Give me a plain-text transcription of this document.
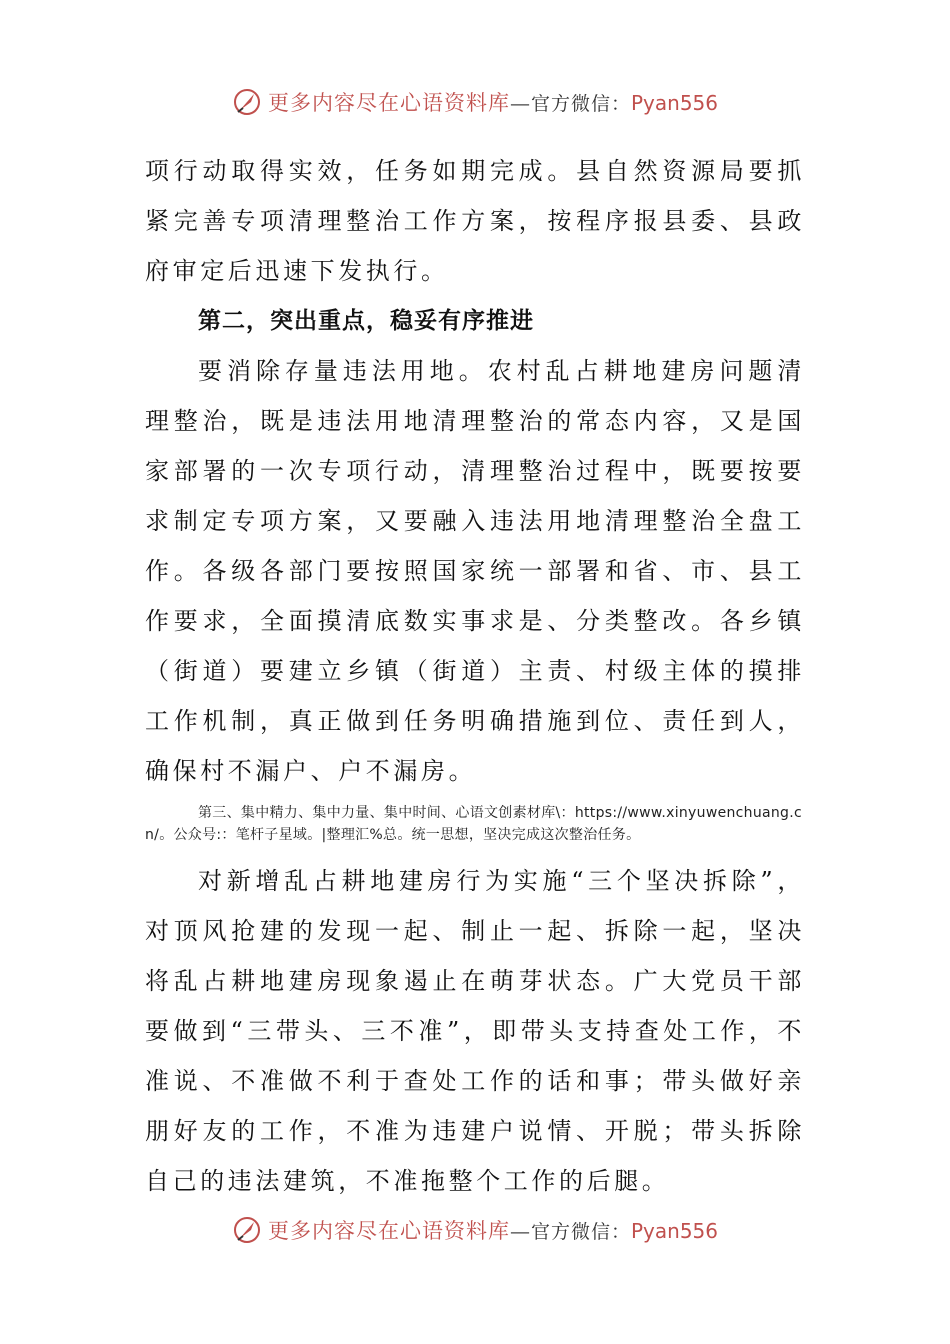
更多内容尽在心语资料库—官方微信：Pyan556

项行动取得实效，任务如期完成。县自然资源局要抓紧完善专项清理整治工作方案，按程序报县委、县政府审定后迅速下发执行。

第二，突出重点，稳妥有序推进

要消除存量违法用地。农村乱占耕地建房问题清理整治，既是违法用地清理整治的常态内容，又是国家部署的一次专项行动，清理整治过程中，既要按要求制定专项方案，又要融入违法用地清理整治全盘工作。各级各部门要按照国家统一部署和省、市、县工作要求，全面摸清底数实事求是、分类整改。各乡镇（街道）要建立乡镇（街道）主责、村级主体的摸排工作机制，真正做到任务明确措施到位、责任到人，确保村不漏户、户不漏房。

第三、集中精力、集中力量、集中时间、心语文创素材库\：https://www.xinyuwenchuang.cn/。公众号:：笔杆子星域。|整理汇%总。统一思想，坚决完成这次整治任务。

对新增乱占耕地建房行为实施“三个坚决拆除”，对顶风抢建的发现一起、制止一起、拆除一起，坚决将乱占耕地建房现象遏止在萌芽状态。广大党员干部要做到“三带头、三不准”，即带头支持查处工作，不准说、不准做不利于查处工作的话和事；带头做好亲朋好友的工作，不准为违建户说情、开脱；带头拆除自己的违法建筑，不准拖整个工作的后腿。

更多内容尽在心语资料库—官方微信：Pyan556
